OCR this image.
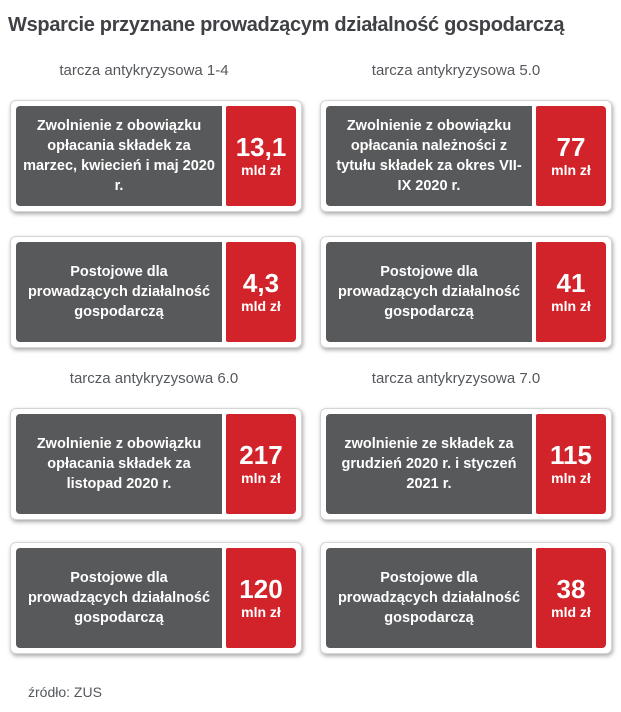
Wsparcie przyznane prowadzącym działalność gospodarczą
tarcza antykryzysowa 1-4
Zwolnienie z obowiązku opłacania składek za marzec, kwiecień i maj 2020 r.
13,1
mld zł
Postojowe dla prowadzących działalność gospodarczą
4,3
mld zł
tarcza antykryzysowa 5.0
Zwolnienie z obowiązku opłacania należności z tytułu składek za okres VII-IX 2020 r.
77
mln zł
Postojowe dla prowadzących działalność gospodarczą
41
mln zł
tarcza antykryzysowa 6.0
Zwolnienie z obowiązku opłacania składek za listopad 2020 r.
217
mln zł
Postojowe dla prowadzących działalność gospodarczą
120
mln zł
tarcza antykryzysowa 7.0
zwolnienie ze składek za grudzień 2020 r. i styczeń 2021 r.
115
mln zł
Postojowe dla prowadzących działalność gospodarczą
38
mld zł
źródło: ZUS
